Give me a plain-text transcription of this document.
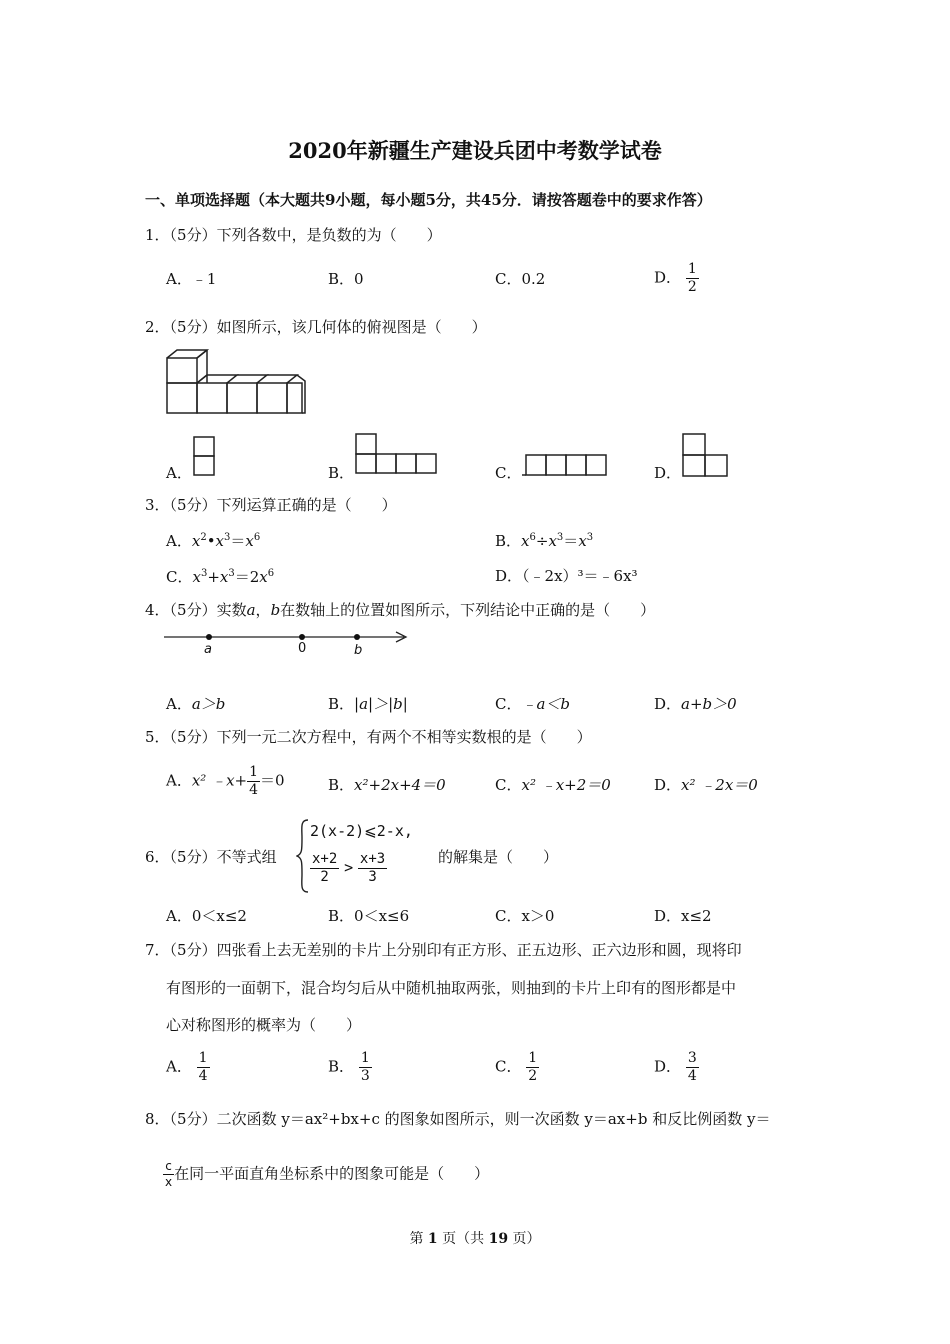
2020年新疆生产建设兵团中考数学试卷
一、单项选择题（本大题共9小题，每小题5分，共45分．请按答题卷中的要求作答）
1．（5分）下列各数中，是负数的为（　　）
A．﹣1	B．0	C．0.2	D． $\frac{1}{2}$
2．（5分）如图所示，该几何体的俯视图是（　　）
A．	B．	C．	D．
3．（5分）下列运算正确的是（　　）
A．$x^2•x^3=x^6$	B．$x^6\div x^3=x^3$
C．$x^3+x^3=2x^6$	D．（﹣2x）³＝﹣6x³
4．（5分）实数a，b在数轴上的位置如图所示，下列结论中正确的是（　　）
a	0	b
A．a＞b	B．|a|＞|b|	C．﹣a＜b	D．a+b＞0
5．（5分）下列一元二次方程中，有两个不相等实数根的是（　　）
A．x² ﹣x+ $\frac{1}{4} =0$	B．x²+2x+4＝0	C．x² ﹣x+2＝0	D．x² ﹣2x＝0
6．（5分）不等式组
2(x-2)⩽2-x,
$\frac{x+2}{2} > \frac{x+3}{3}$	的解集是（　　）
A．0＜x≤2	B．0＜x≤6	C．x＞0	D．x≤2
7．（5分）四张看上去无差别的卡片上分别印有正方形、正五边形、正六边形和圆，现将印
有图形的一面朝下，混合均匀后从中随机抽取两张，则抽到的卡片上印有的图形都是中
心对称图形的概率为（　　）
A． $\frac{1}{4}$	B． $\frac{1}{3}$	C． $\frac{1}{2}$	D． $\frac{3}{4}$
8．（5分）二次函数 y＝ax²+bx+c 的图象如图所示，则一次函数 y＝ax+b 和反比例函数 y＝
$\frac{c}{x}$ 在同一平面直角坐标系中的图象可能是（　　）
第 1 页（共 19 页）
